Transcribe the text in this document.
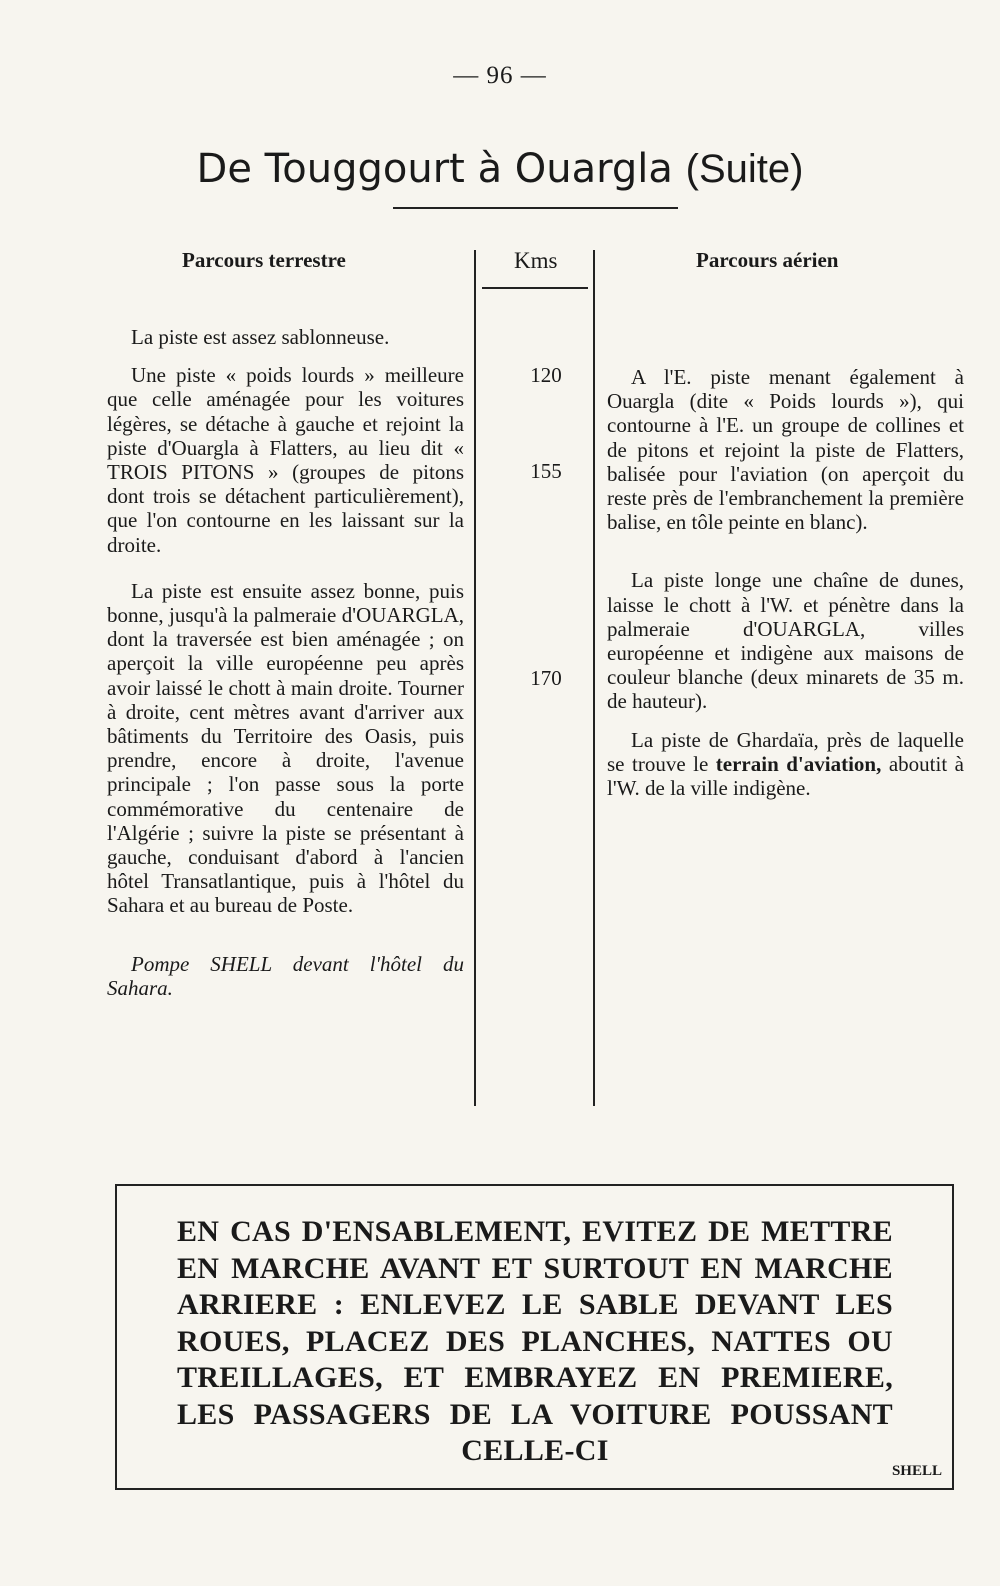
— 96 —
De Touggourt à Ouargla (Suite)
Parcours terrestre	Kms	Parcours aérien

La piste est assez sablonneuse.

Une piste « poids lourds » meilleure que celle aménagée pour les voitures légères, se détache à gauche et rejoint la piste d'Ouargla à Flatters, au lieu dit « TROIS PITONS » (groupes de pitons dont trois se détachent particulièrement), que l'on contourne en les laissant sur la droite.

La piste est ensuite assez bonne, puis bonne, jusqu'à la palmeraie d'OUARGLA, dont la traversée est bien aménagée ; on aperçoit la ville européenne peu après avoir laissé le chott à main droite. Tourner à droite, cent mètres avant d'arriver aux bâtiments du Territoire des Oasis, puis prendre, encore à droite, l'avenue principale ; l'on passe sous la porte commémorative du centenaire de l'Algérie ; suivre la piste se présentant à gauche, conduisant d'abord à l'ancien hôtel Transatlantique, puis à l'hôtel du Sahara et au bureau de Poste.

Pompe SHELL devant l'hôtel du Sahara.

120
155
170

A l'E. piste menant également à Ouargla (dite « Poids lourds »), qui contourne à l'E. un groupe de collines et de pitons et rejoint la piste de Flatters, balisée pour l'aviation (on aperçoit du reste près de l'embranchement la première balise, en tôle peinte en blanc).

La piste longe une chaîne de dunes, laisse le chott à l'W. et pénètre dans la palmeraie d'OUARGLA, villes européenne et indigène aux maisons de couleur blanche (deux minarets de 35 m. de hauteur).

La piste de Ghardaïa, près de laquelle se trouve le terrain d'aviation, aboutit à l'W. de la ville indigène.

EN CAS D'ENSABLEMENT, EVITEZ DE METTRE EN MARCHE AVANT ET SURTOUT EN MARCHE ARRIERE : ENLEVEZ LE SABLE DEVANT LES ROUES, PLACEZ DES PLANCHES, NATTES OU TREILLAGES, ET EMBRAYEZ EN PREMIERE, LES PASSAGERS DE LA VOITURE POUSSANT CELLE-CI
SHELL
